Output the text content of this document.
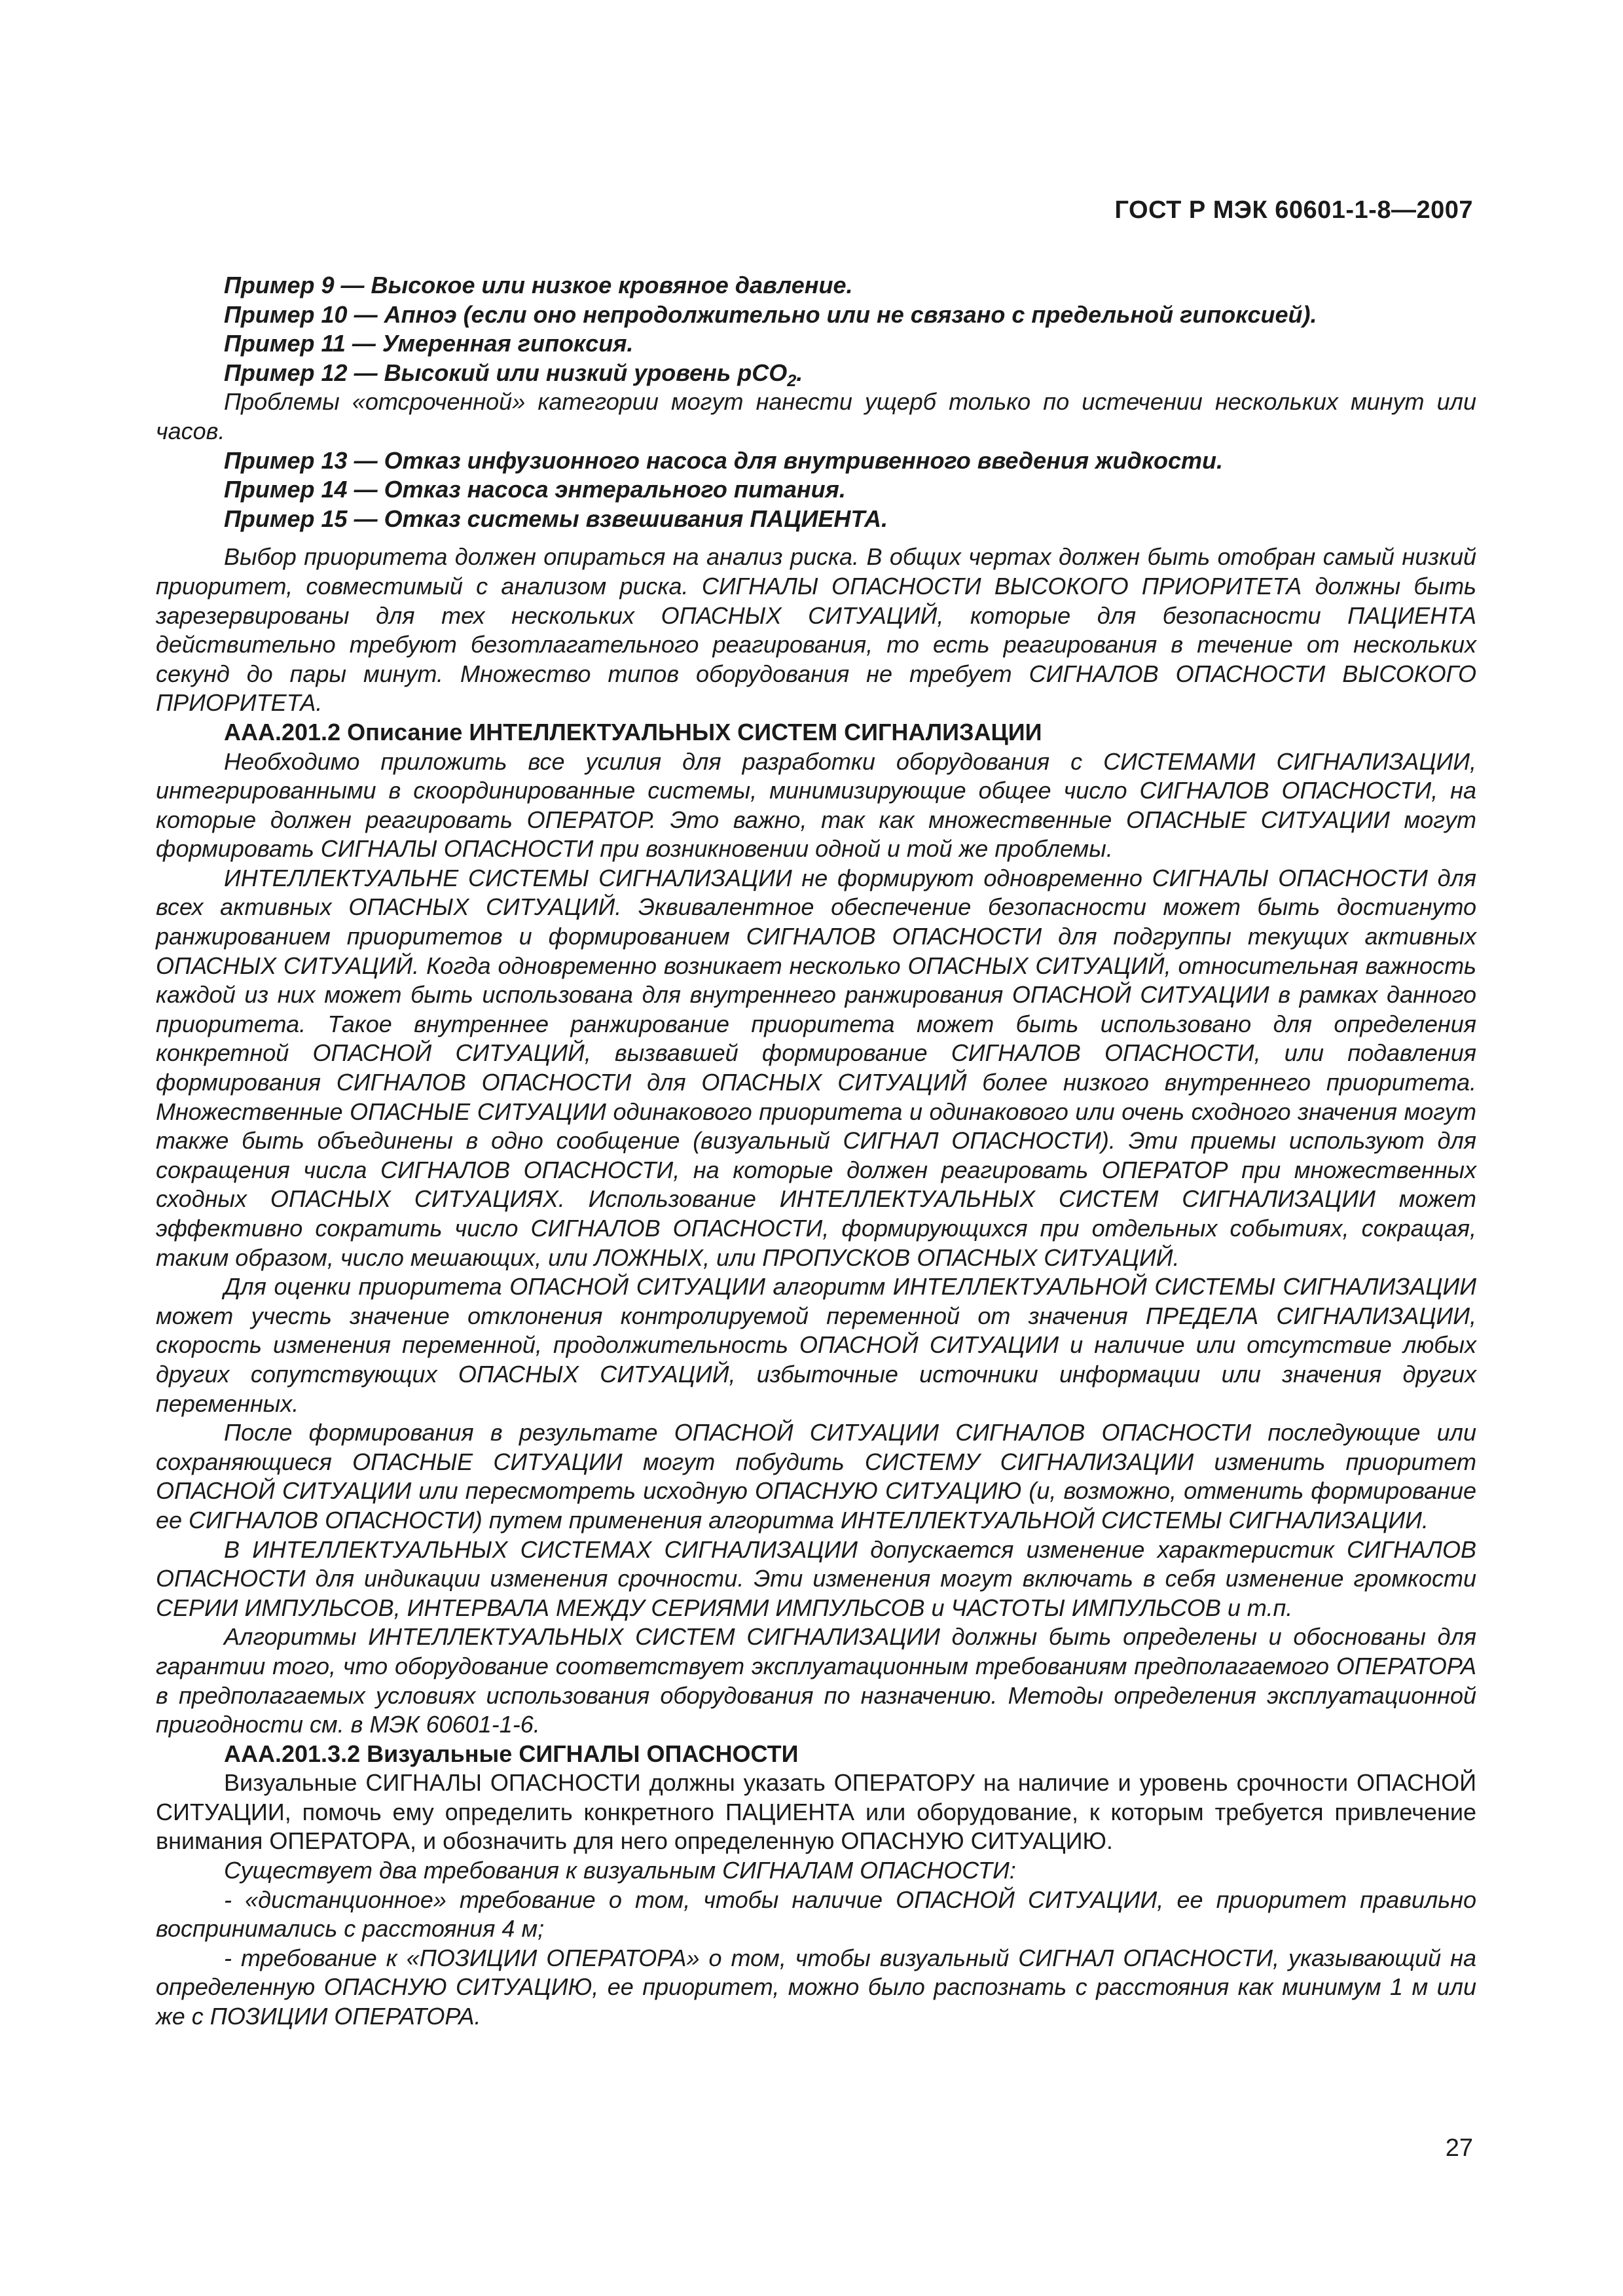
ГОСТ Р МЭК 60601-1-8—2007

Пример 9 — Высокое или низкое кровяное давление.

Пример 10 — Апноэ (если оно непродолжительно или не связано с предельной гипоксией).

Пример 11 — Умеренная гипоксия.

Пример 12 — Высокий или низкий уровень pCO$_2$.

Проблемы «отсроченной» категории могут нанести ущерб только по истечении нескольких минут или часов.

Пример 13 — Отказ инфузионного насоса для внутривенного введения жидкости.

Пример 14 — Отказ насоса энтерального питания.

Пример 15 — Отказ системы взвешивания ПАЦИЕНТА.

Выбор приоритета должен опираться на анализ риска. В общих чертах должен быть отобран самый низкий приоритет, совместимый с анализом риска. СИГНАЛЫ ОПАСНОСТИ ВЫСОКОГО ПРИОРИТЕТА должны быть зарезервированы для тех нескольких ОПАСНЫХ СИТУАЦИЙ, которые для безопасности ПАЦИЕНТА действительно требуют безотлагательного реагирования, то есть реагирования в течение от нескольких секунд до пары минут. Множество типов оборудования не требует СИГНАЛОВ ОПАСНОСТИ ВЫСОКОГО ПРИОРИТЕТА.

ААА.201.2 Описание ИНТЕЛЛЕКТУАЛЬНЫХ СИСТЕМ СИГНАЛИЗАЦИИ

Необходимо приложить все усилия для разработки оборудования с СИСТЕМАМИ СИГНАЛИЗАЦИИ, интегрированными в скоординированные системы, минимизирующие общее число СИГНАЛОВ ОПАСНОСТИ, на которые должен реагировать ОПЕРАТОР. Это важно, так как множественные ОПАСНЫЕ СИТУАЦИИ могут формировать СИГНАЛЫ ОПАСНОСТИ при возникновении одной и той же проблемы.

ИНТЕЛЛЕКТУАЛЬНЕ СИСТЕМЫ СИГНАЛИЗАЦИИ не формируют одновременно СИГНАЛЫ ОПАСНОСТИ для всех активных ОПАСНЫХ СИТУАЦИЙ. Эквивалентное обеспечение безопасности может быть достигнуто ранжированием приоритетов и формированием СИГНАЛОВ ОПАСНОСТИ для подгруппы текущих активных ОПАСНЫХ СИТУАЦИЙ. Когда одновременно возникает несколько ОПАСНЫХ СИТУАЦИЙ, относительная важность каждой из них может быть использована для внутреннего ранжирования ОПАСНОЙ СИТУАЦИИ в рамках данного приоритета. Такое внутреннее ранжирование приоритета может быть использовано для определения конкретной ОПАСНОЙ СИТУАЦИЙ, вызвавшей формирование СИГНАЛОВ ОПАСНОСТИ, или подавления формирования СИГНАЛОВ ОПАСНОСТИ для ОПАСНЫХ СИТУАЦИЙ более низкого внутреннего приоритета. Множественные ОПАСНЫЕ СИТУАЦИИ одинакового приоритета и одинакового или очень сходного значения могут также быть объединены в одно сообщение (визуальный СИГНАЛ ОПАСНОСТИ). Эти приемы используют для сокращения числа СИГНАЛОВ ОПАСНОСТИ, на которые должен реагировать ОПЕРАТОР при множественных сходных ОПАСНЫХ СИТУАЦИЯХ. Использование ИНТЕЛЛЕКТУАЛЬНЫХ СИСТЕМ СИГНАЛИЗАЦИИ может эффективно сократить число СИГНАЛОВ ОПАСНОСТИ, формирующихся при отдельных событиях, сокращая, таким образом, число мешающих, или ЛОЖНЫХ, или ПРОПУСКОВ ОПАСНЫХ СИТУАЦИЙ.

Для оценки приоритета ОПАСНОЙ СИТУАЦИИ алгоритм ИНТЕЛЛЕКТУАЛЬНОЙ СИСТЕМЫ СИГНАЛИЗАЦИИ может учесть значение отклонения контролируемой переменной от значения ПРЕДЕЛА СИГНАЛИЗАЦИИ, скорость изменения переменной, продолжительность ОПАСНОЙ СИТУАЦИИ и наличие или отсутствие любых других сопутствующих ОПАСНЫХ СИТУАЦИЙ, избыточные источники информации или значения других переменных.

После формирования в результате ОПАСНОЙ СИТУАЦИИ СИГНАЛОВ ОПАСНОСТИ последующие или сохраняющиеся ОПАСНЫЕ СИТУАЦИИ могут побудить СИСТЕМУ СИГНАЛИЗАЦИИ изменить приоритет ОПАСНОЙ СИТУАЦИИ или пересмотреть исходную ОПАСНУЮ СИТУАЦИЮ (и, возможно, отменить формирование ее СИГНАЛОВ ОПАСНОСТИ) путем применения алгоритма ИНТЕЛЛЕКТУАЛЬНОЙ СИСТЕМЫ СИГНАЛИЗАЦИИ.

В ИНТЕЛЛЕКТУАЛЬНЫХ СИСТЕМАХ СИГНАЛИЗАЦИИ допускается изменение характеристик СИГНАЛОВ ОПАСНОСТИ для индикации изменения срочности. Эти изменения могут включать в себя изменение громкости СЕРИИ ИМПУЛЬСОВ, ИНТЕРВАЛА МЕЖДУ СЕРИЯМИ ИМПУЛЬСОВ и ЧАСТОТЫ ИМПУЛЬСОВ и т.п.

Алгоритмы ИНТЕЛЛЕКТУАЛЬНЫХ СИСТЕМ СИГНАЛИЗАЦИИ должны быть определены и обоснованы для гарантии того, что оборудование соответствует эксплуатационным требованиям предполагаемого ОПЕРАТОРА в предполагаемых условиях использования оборудования по назначению. Методы определения эксплуатационной пригодности см. в МЭК 60601-1-6.

ААА.201.3.2 Визуальные СИГНАЛЫ ОПАСНОСТИ

Визуальные СИГНАЛЫ ОПАСНОСТИ должны указать ОПЕРАТОРУ на наличие и уровень срочности ОПАСНОЙ СИТУАЦИИ, помочь ему определить конкретного ПАЦИЕНТА или оборудование, к которым требуется привлечение внимания ОПЕРАТОРА, и обозначить для него определенную ОПАСНУЮ СИТУАЦИЮ.

Существует два требования к визуальным СИГНАЛАМ ОПАСНОСТИ:

- «дистанционное» требование о том, чтобы наличие ОПАСНОЙ СИТУАЦИИ, ее приоритет правильно воспринимались с расстояния 4 м;

- требование к «ПОЗИЦИИ ОПЕРАТОРА» о том, чтобы визуальный СИГНАЛ ОПАСНОСТИ, указывающий на определенную ОПАСНУЮ СИТУАЦИЮ, ее приоритет, можно было распознать с расстояния как минимум 1 м или же с ПОЗИЦИИ ОПЕРАТОРА.

27
